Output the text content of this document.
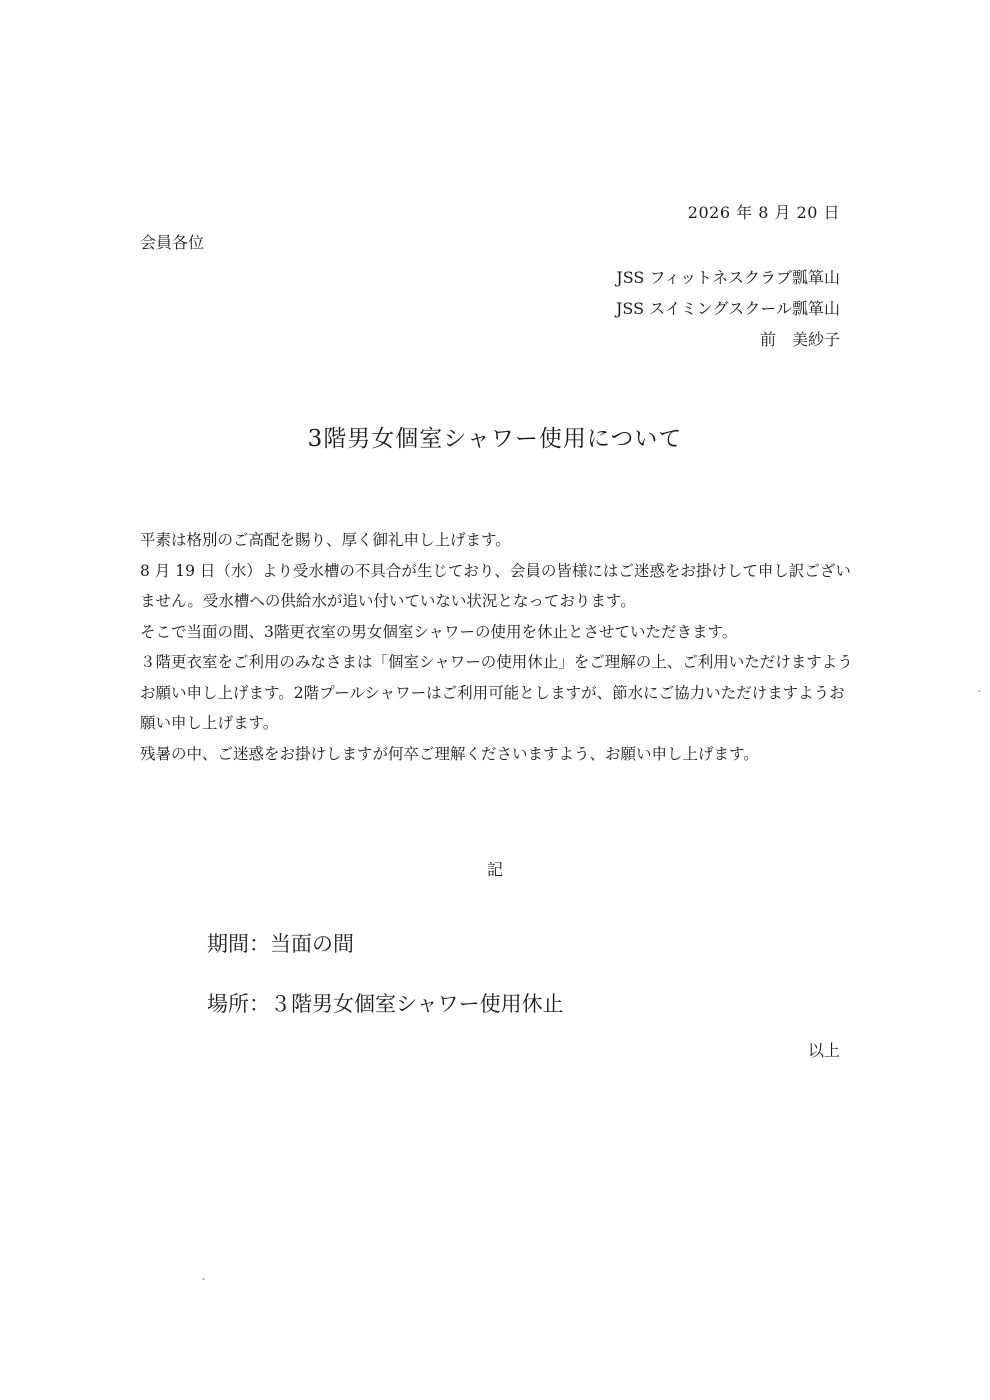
2026 年 8 月 20 日
会員各位
JSS フィットネスクラブ瓢箪山
JSS スイミングスクール瓢箪山
前　美紗子
3階男女個室シャワー使用について

平素は格別のご高配を賜り、厚く御礼申し上げます。

8 月 19 日（水）より受水槽の不具合が生じており、会員の皆様にはご迷惑をお掛けして申し訳ございません。受水槽への供給水が追い付いていない状況となっております。

そこで当面の間、3階更衣室の男女個室シャワーの使用を休止とさせていただきます。

３階更衣室をご利用のみなさまは「個室シャワーの使用休止」をご理解の上、ご利用いただけますようお願い申し上げます。2階プールシャワーはご利用可能としますが、節水にご協力いただけますようお願い申し上げます。

残暑の中、ご迷惑をお掛けしますが何卒ご理解くださいますよう、お願い申し上げます。

記
期間：当面の間
場所：３階男女個室シャワー使用休止
以上
